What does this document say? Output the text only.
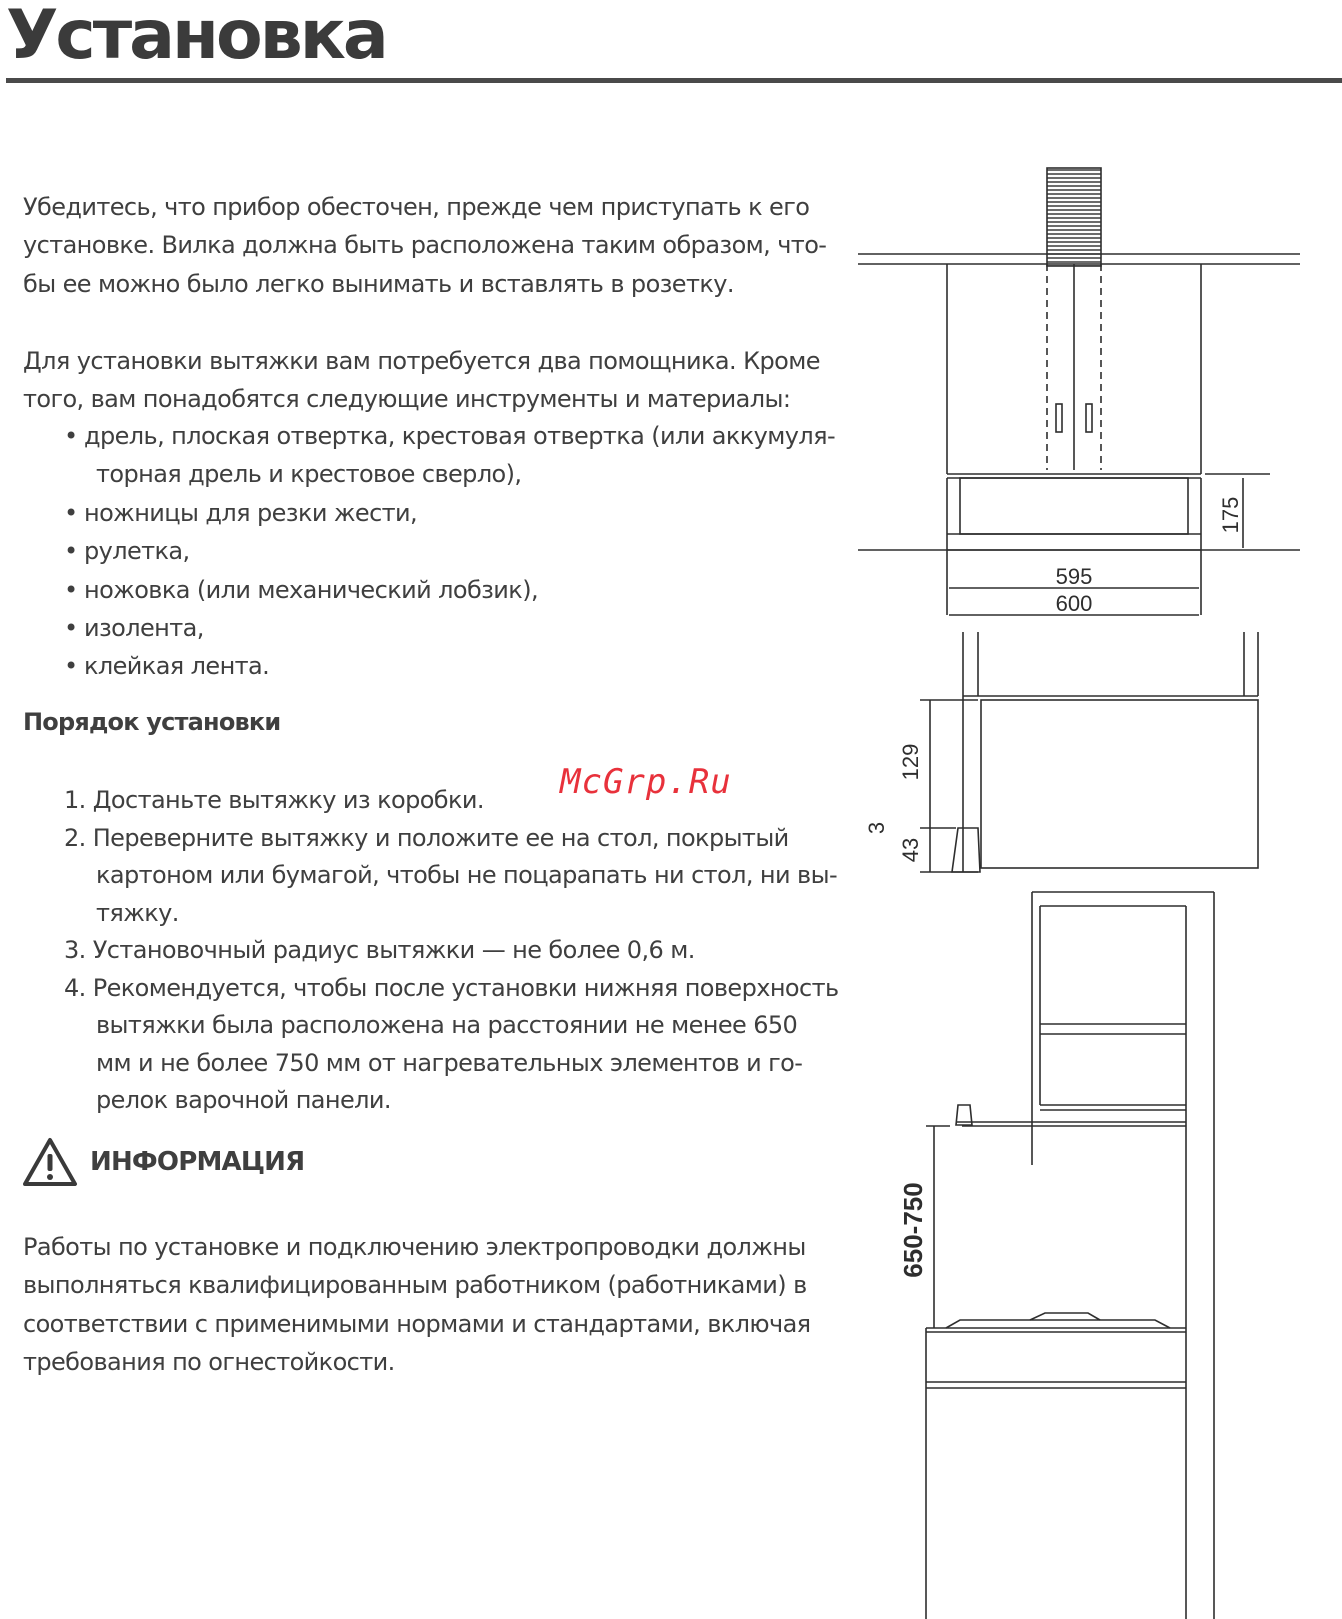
Установка

Убедитесь, что прибор обесточен, прежде чем приступать к его установке. Вилка должна быть расположена таким образом, что-бы ее можно было легко вынимать и вставлять в розетку.

Для установки вытяжки вам потребуется два помощника. Кроме того, вам понадобятся следующие инструменты и материалы:

• дрель, плоская отвертка, крестовая отвертка (или аккумуля-
торная дрель и крестовое сверло),
• ножницы для резки жести,
• рулетка,
• ножовка (или механический лобзик),
• изолента,
• клейкая лента.
Порядок установки
1. Достаньте вытяжку из коробки.
2. Переверните вытяжку и положите ее на стол, покрытый
картоном или бумагой, чтобы не поцарапать ни стол, ни вы-
тяжку.
3. Установочный радиус вытяжки — не более 0,6 м.
4. Рекомендуется, чтобы после установки нижняя поверхность
вытяжки была расположена на расстоянии не менее 650
мм и не более 750 мм от нагревательных элементов и го-
релок варочной панели.
McGrp.Ru
ИНФОРМАЦИЯ

Работы по установке и подключению электропроводки должны выполняться квалифицированным работником (работниками) в соответствии с применимыми нормами и стандартами, включая требования по огнестойкости.

595
600
175
129
3
43
650-750
